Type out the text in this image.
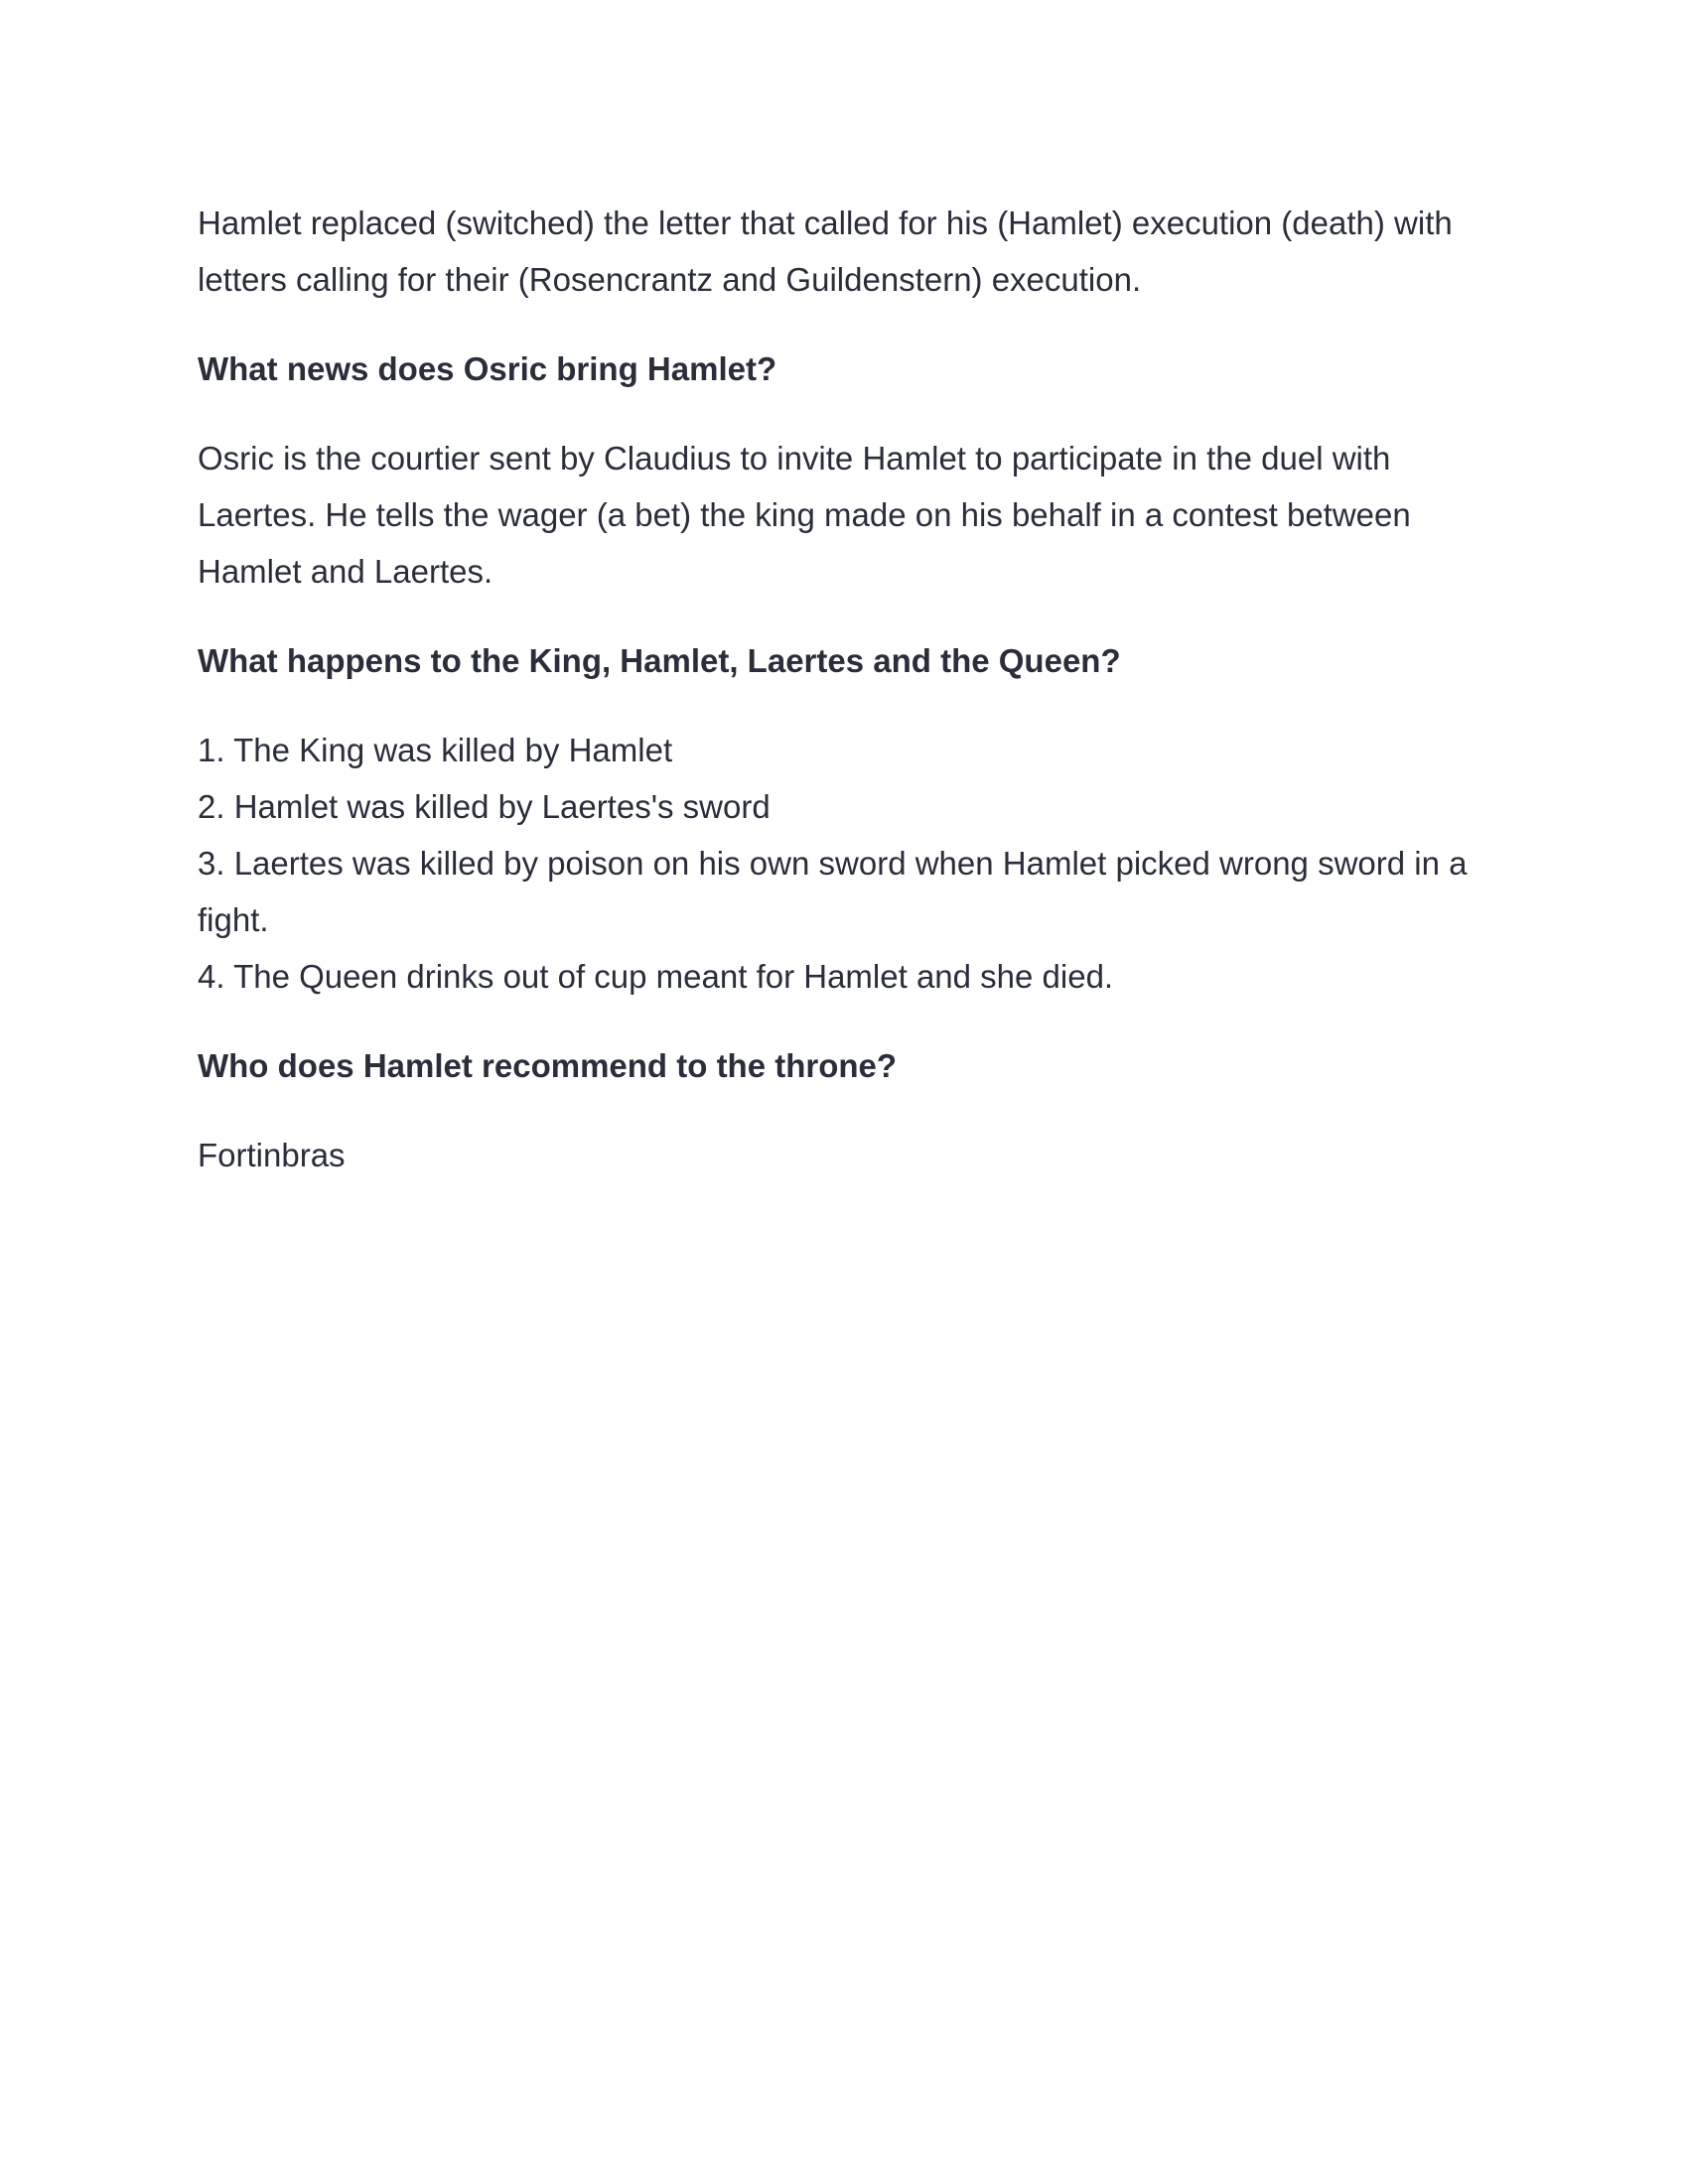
Hamlet replaced (switched) the letter that called for his (Hamlet) execution (death) with letters calling for their (Rosencrantz and Guildenstern) execution.

What news does Osric bring Hamlet?

Osric is the courtier sent by Claudius to invite Hamlet to participate in the duel with Laertes. He tells the wager (a bet) the king made on his behalf in a contest between Hamlet and Laertes.

What happens to the King, Hamlet, Laertes and the Queen?

1. The King was killed by Hamlet
2. Hamlet was killed by Laertes's sword
3. Laertes was killed by poison on his own sword when Hamlet picked wrong sword in a fight.
4. The Queen drinks out of cup meant for Hamlet and she died.

Who does Hamlet recommend to the throne?

Fortinbras
